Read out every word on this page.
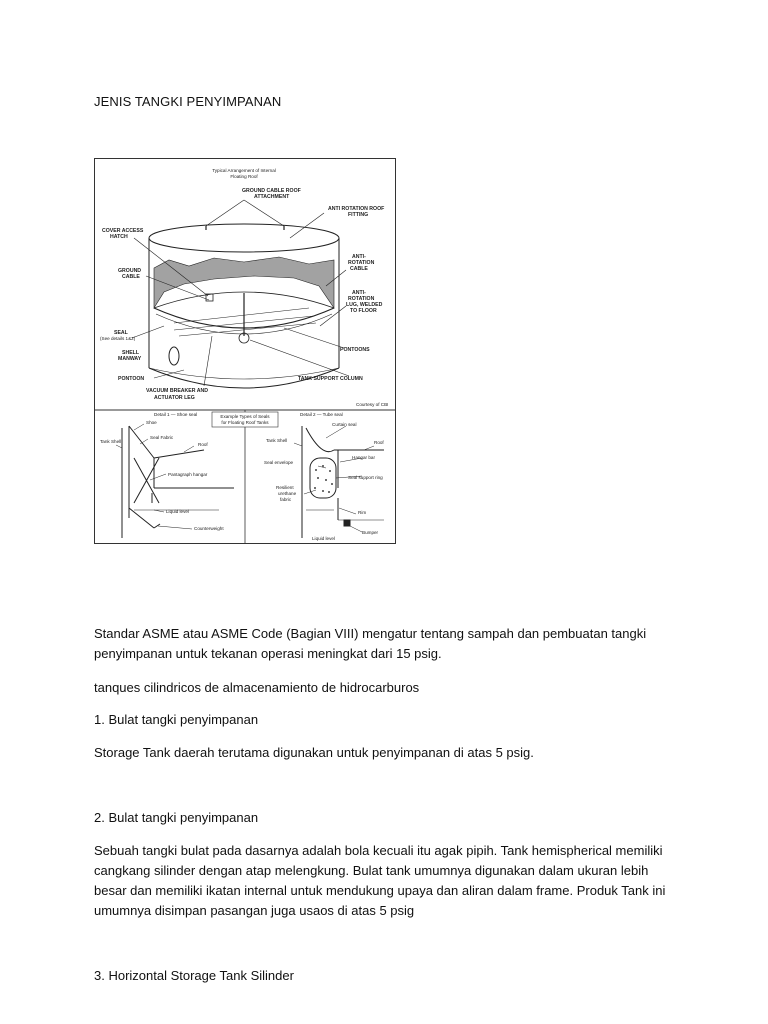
JENIS TANGKI PENYIMPANAN
Typical Arrangement of Internal
Floating Roof
GROUND CABLE ROOF
ATTACHMENT
ANTI ROTATION ROOF
FITTING
COVER ACCESS
HATCH
GROUND
CABLE
ANTI-
ROTATION
CABLE
ANTI-
ROTATION
LUG, WELDED
TO FLOOR
SEAL
(See details 1&2)
SHELL
MANWAY
PONTOONS
PONTOON	TANK SUPPORT COLUMN
VACUUM BREAKER AND
ACTUATOR LEG
Courtesy of CBI
Example Types of Seals
for Floating Roof Tanks
Detail 1 — Shoe seal
Tank Shell
Shoe
Seal Fabric
Roof
Pantagraph hangar
Liquid level
Counterweight
Detail 2 — Tube seal
Tank Shell
Curtain seal
Roof
Hangar bar
Seal envelope
Seal support ring
Resilient
urethane
fabric
Rim
Bumper
Liquid level

Standar ASME atau ASME Code (Bagian VIII) mengatur tentang sampah dan pembuatan tangki penyimpanan untuk tekanan operasi meningkat dari 15 psig.

tanques cilindricos de almacenamiento de hidrocarburos

1. Bulat tangki penyimpanan

Storage Tank daerah terutama digunakan untuk penyimpanan di atas 5 psig.

2. Bulat tangki penyimpanan

Sebuah tangki bulat pada dasarnya adalah bola kecuali itu agak pipih. Tank hemispherical memiliki cangkang silinder dengan atap melengkung. Bulat tank umumnya digunakan dalam ukuran lebih besar dan memiliki ikatan internal untuk mendukung upaya dan aliran dalam frame. Produk Tank ini umumnya disimpan pasangan juga usaos di atas 5 psig

3. Horizontal Storage Tank Silinder
